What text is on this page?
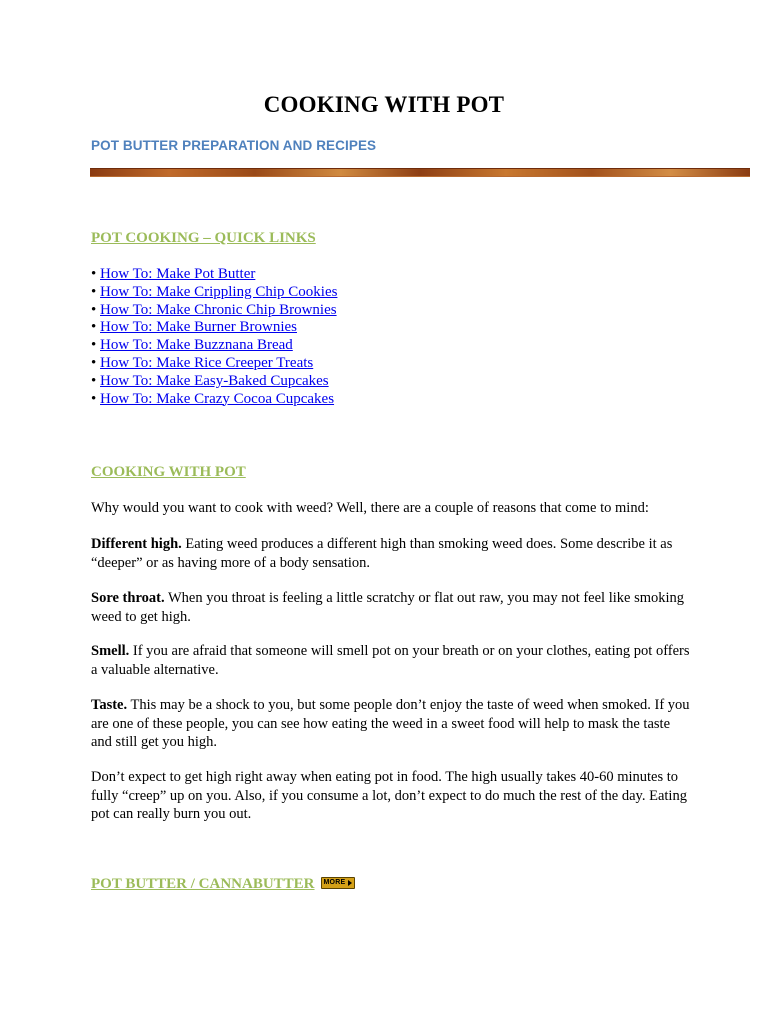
COOKING WITH POT
POT BUTTER PREPARATION AND RECIPES
POT COOKING – QUICK LINKS
• How To: Make Pot Butter
• How To: Make Crippling Chip Cookies
• How To: Make Chronic Chip Brownies
• How To: Make Burner Brownies
• How To: Make Buzznana Bread
• How To: Make Rice Creeper Treats
• How To: Make Easy-Baked Cupcakes
• How To: Make Crazy Cocoa Cupcakes
COOKING WITH POT

Why would you want to cook with weed? Well, there are a couple of reasons that come to mind:

Different high. Eating weed produces a different high than smoking weed does. Some describe it as “deeper” or as having more of a body sensation.

Sore throat. When you throat is feeling a little scratchy or flat out raw, you may not feel like smoking weed to get high.

Smell. If you are afraid that someone will smell pot on your breath or on your clothes, eating pot offers a valuable alternative.

Taste. This may be a shock to you, but some people don’t enjoy the taste of weed when smoked. If you are one of these people, you can see how eating the weed in a sweet food will help to mask the taste and still get you high.

Don’t expect to get high right away when eating pot in food. The high usually takes 40-60 minutes to fully “creep” up on you. Also, if you consume a lot, don’t expect to do much the rest of the day. Eating pot can really burn you out.

POT BUTTER / CANNABUTTER MORE
